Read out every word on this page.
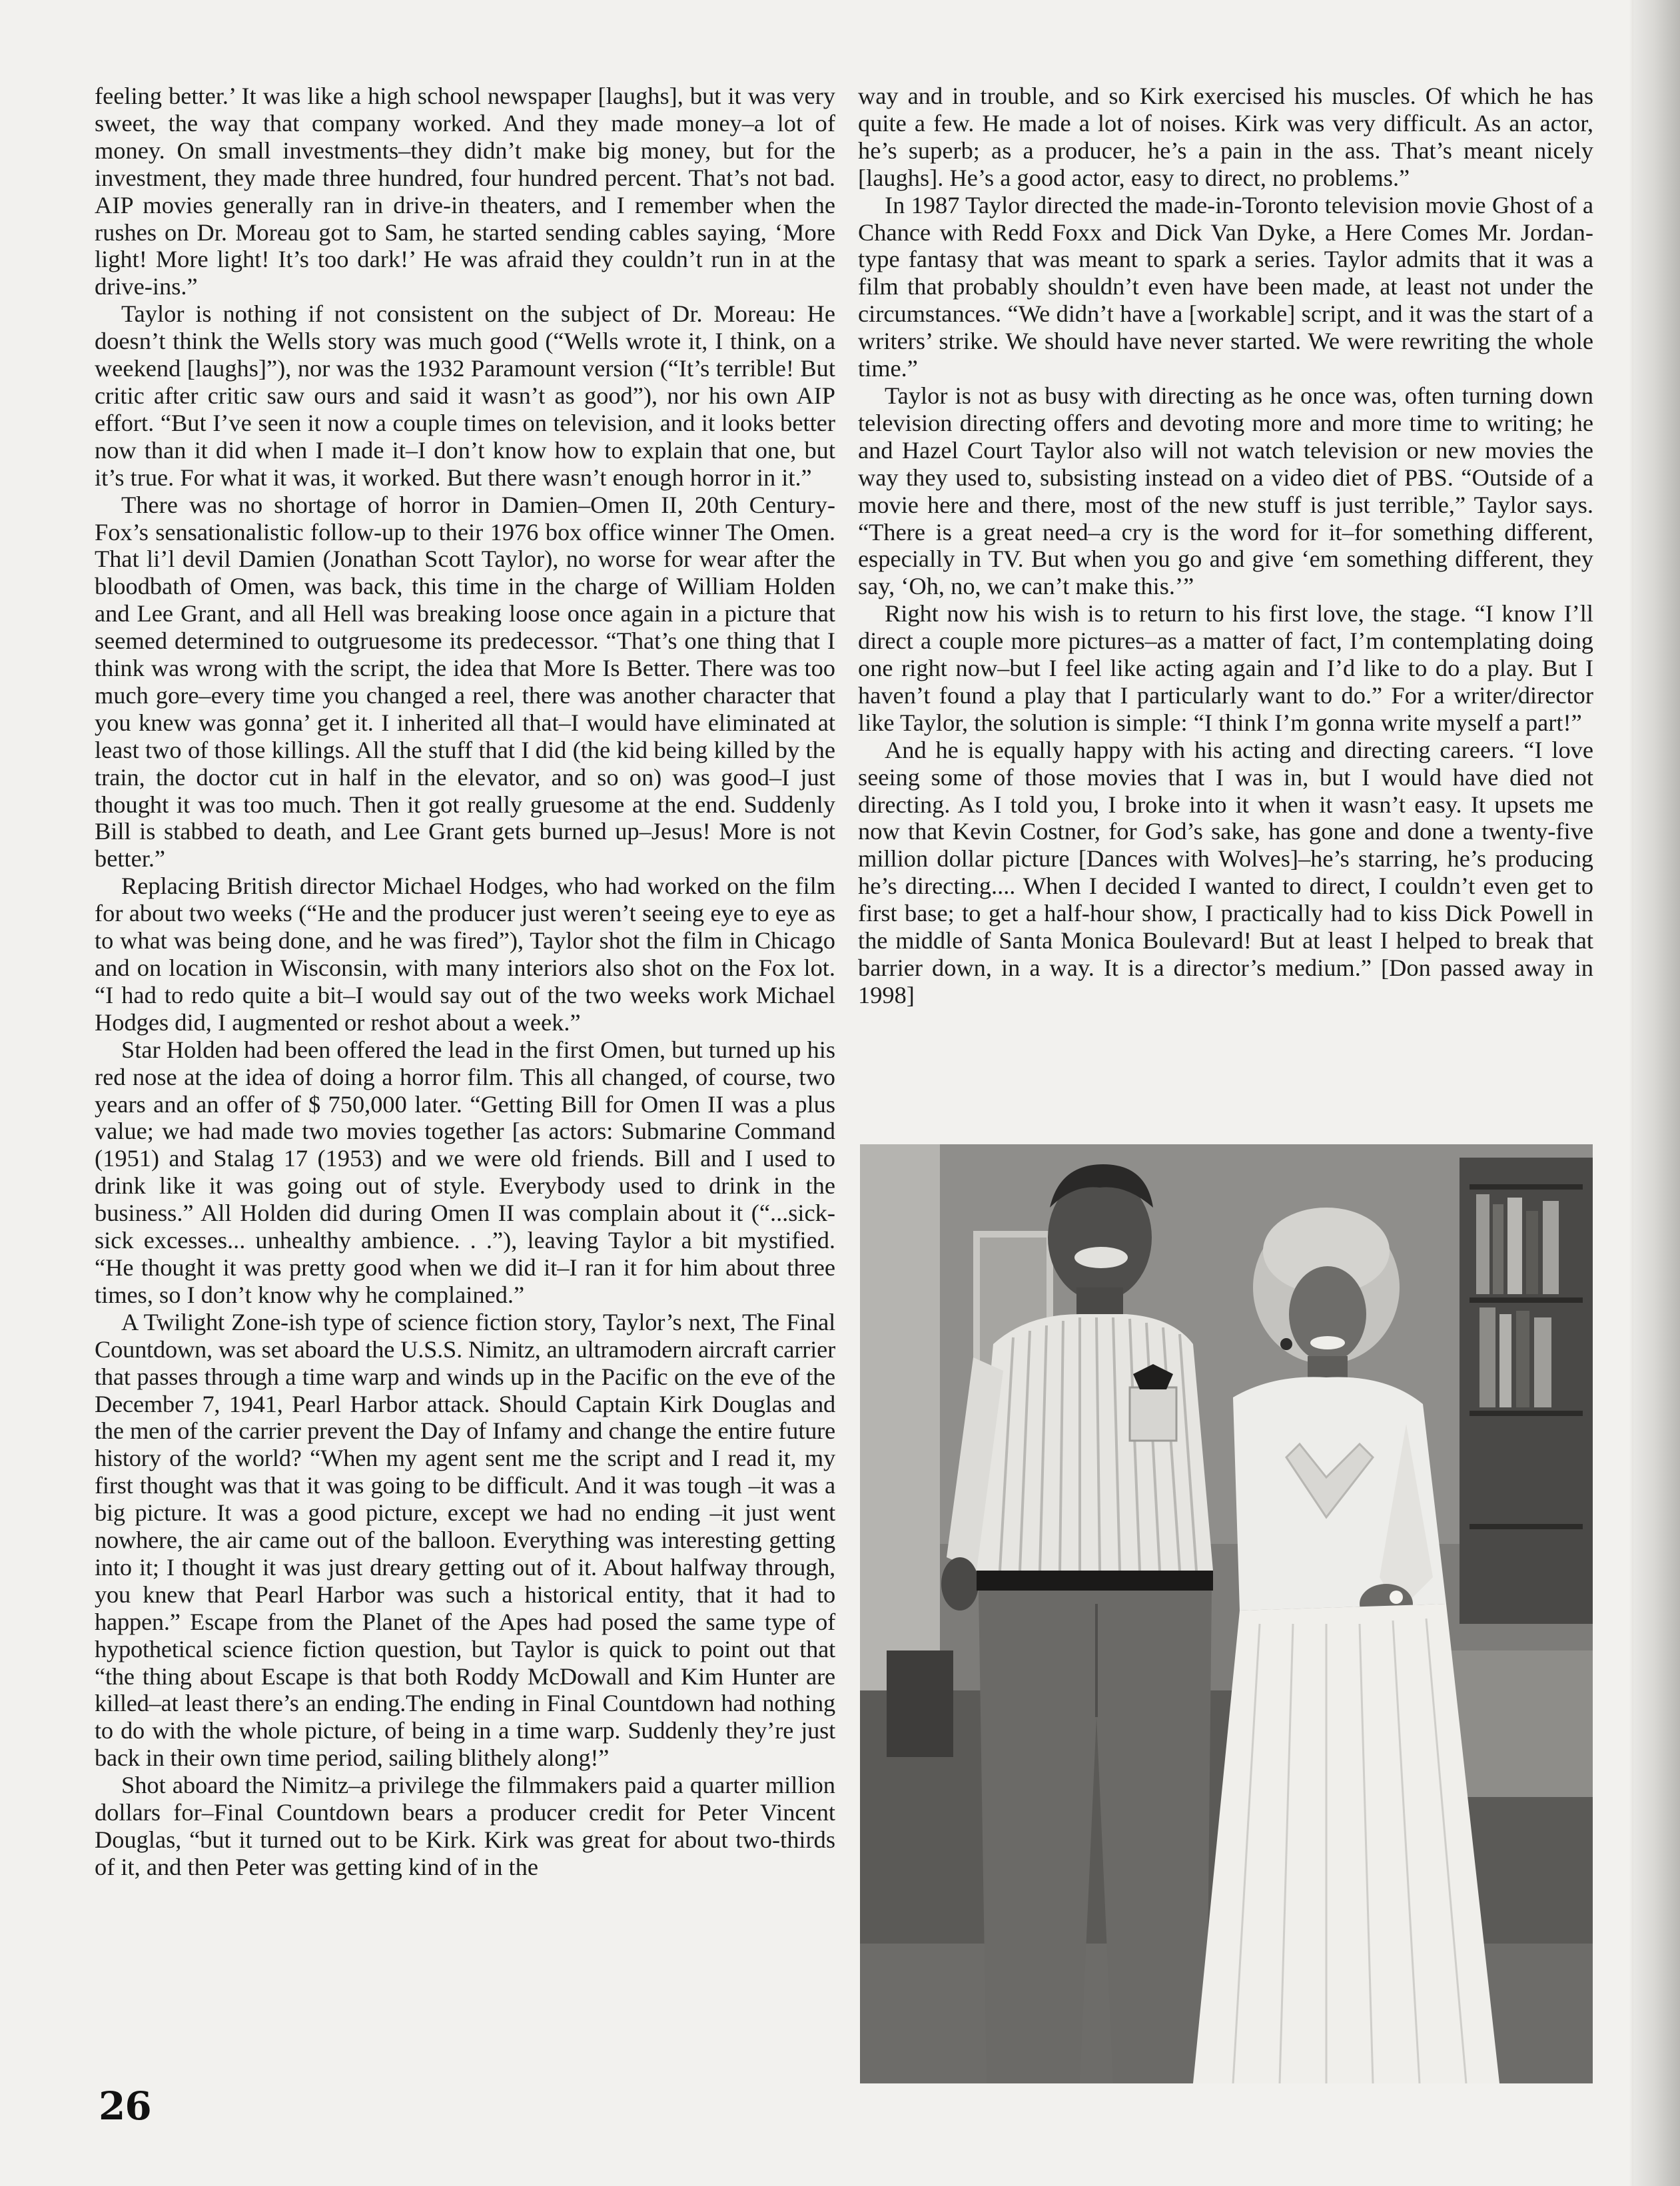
feeling better.’ It was like a high school newspaper [laughs], but it was very sweet, the way that company worked. And they made money–a lot of money. On small investments–they didn’t make big money, but for the investment, they made three hundred, four hundred percent. That’s not bad. AIP movies generally ran in drive-in theaters, and I remember when the rushes on Dr. Moreau got to Sam, he started sending cables saying, ‘More light! More light! It’s too dark!’ He was afraid they couldn’t run in at the drive-ins.”

Taylor is nothing if not consistent on the subject of Dr. Moreau: He doesn’t think the Wells story was much good (“Wells wrote it, I think, on a weekend [laughs]”), nor was the 1932 Paramount version (“It’s terrible! But critic after critic saw ours and said it wasn’t as good”), nor his own AIP effort. “But I’ve seen it now a couple times on television, and it looks better now than it did when I made it–I don’t know how to explain that one, but it’s true. For what it was, it worked. But there wasn’t enough horror in it.”

There was no shortage of horror in Damien–Omen II, 20th Century-Fox’s sensationalistic follow-up to their 1976 box office winner The Omen. That li’l devil Damien (Jonathan Scott Taylor), no worse for wear after the bloodbath of Omen, was back, this time in the charge of William Holden and Lee Grant, and all Hell was breaking loose once again in a picture that seemed determined to outgruesome its predecessor. “That’s one thing that I think was wrong with the script, the idea that More Is Better. There was too much gore–every time you changed a reel, there was another character that you knew was gonna’ get it. I inherited all that–I would have eliminated at least two of those killings. All the stuff that I did (the kid being killed by the train, the doctor cut in half in the elevator, and so on) was good–I just thought it was too much. Then it got really gruesome at the end. Suddenly Bill is stabbed to death, and Lee Grant gets burned up–Jesus! More is not better.”

Replacing British director Michael Hodges, who had worked on the film for about two weeks (“He and the producer just weren’t seeing eye to eye as to what was being done, and he was fired”), Taylor shot the film in Chicago and on location in Wisconsin, with many interiors also shot on the Fox lot. “I had to redo quite a bit–I would say out of the two weeks work Michael Hodges did, I augmented or reshot about a week.”

Star Holden had been offered the lead in the first Omen, but turned up his red nose at the idea of doing a horror film. This all changed, of course, two years and an offer of $ 750,000 later. “Getting Bill for Omen II was a plus value; we had made two movies together [as actors: Submarine Command (1951) and Stalag 17 (1953) and we were old friends. Bill and I used to drink like it was going out of style. Everybody used to drink in the business.” All Holden did during Omen II was complain about it (“...sick-sick excesses... unhealthy ambience. . .”), leaving Taylor a bit mystified. “He thought it was pretty good when we did it–I ran it for him about three times, so I don’t know why he complained.”

A Twilight Zone-ish type of science fiction story, Taylor’s next, The Final Countdown, was set aboard the U.S.S. Nimitz, an ultramodern aircraft carrier that passes through a time warp and winds up in the Pacific on the eve of the December 7, 1941, Pearl Harbor attack. Should Captain Kirk Douglas and the men of the carrier prevent the Day of Infamy and change the entire future history of the world? “When my agent sent me the script and I read it, my first thought was that it was going to be difficult. And it was tough –it was a big picture. It was a good picture, except we had no ending –it just went nowhere, the air came out of the balloon. Everything was interesting getting into it; I thought it was just dreary getting out of it. About halfway through, you knew that Pearl Harbor was such a historical entity, that it had to happen.” Escape from the Planet of the Apes had posed the same type of hypothetical science fiction question, but Taylor is quick to point out that “the thing about Escape is that both Roddy McDowall and Kim Hunter are killed–at least there’s an ending.The ending in Final Countdown had nothing to do with the whole picture, of being in a time warp. Suddenly they’re just back in their own time period, sailing blithely along!”

Shot aboard the Nimitz–a privilege the filmmakers paid a quarter million dollars for–Final Countdown bears a producer credit for Peter Vincent Douglas, “but it turned out to be Kirk. Kirk was great for about two-thirds of it, and then Peter was getting kind of in the

way and in trouble, and so Kirk exercised his muscles. Of which he has quite a few. He made a lot of noises. Kirk was very difficult. As an actor, he’s superb; as a producer, he’s a pain in the ass. That’s meant nicely [laughs]. He’s a good actor, easy to direct, no problems.”

In 1987 Taylor directed the made-in-Toronto television movie Ghost of a Chance with Redd Foxx and Dick Van Dyke, a Here Comes Mr. Jordan-type fantasy that was meant to spark a series. Taylor admits that it was a film that probably shouldn’t even have been made, at least not under the circumstances. “We didn’t have a [workable] script, and it was the start of a writers’ strike. We should have never started. We were rewriting the whole time.”

Taylor is not as busy with directing as he once was, often turning down television directing offers and devoting more and more time to writing; he and Hazel Court Taylor also will not watch television or new movies the way they used to, subsisting instead on a video diet of PBS. “Outside of a movie here and there, most of the new stuff is just terrible,” Taylor says. “There is a great need–a cry is the word for it–for something different, especially in TV. But when you go and give ‘em something different, they say, ‘Oh, no, we can’t make this.’”

Right now his wish is to return to his first love, the stage. “I know I’ll direct a couple more pictures–as a matter of fact, I’m contemplating doing one right now–but I feel like acting again and I’d like to do a play. But I haven’t found a play that I particularly want to do.” For a writer/director like Taylor, the solution is simple: “I think I’m gonna write myself a part!”

And he is equally happy with his acting and directing careers. “I love seeing some of those movies that I was in, but I would have died not directing. As I told you, I broke into it when it wasn’t easy. It upsets me now that Kevin Costner, for God’s sake, has gone and done a twenty-five million dollar picture [Dances with Wolves]–he’s starring, he’s producing he’s directing.... When I decided I wanted to direct, I couldn’t even get to first base; to get a half-hour show, I practically had to kiss Dick Powell in the middle of Santa Monica Boulevard! But at least I helped to break that barrier down, in a way. It is a director’s medium.” [Don passed away in 1998]

26
